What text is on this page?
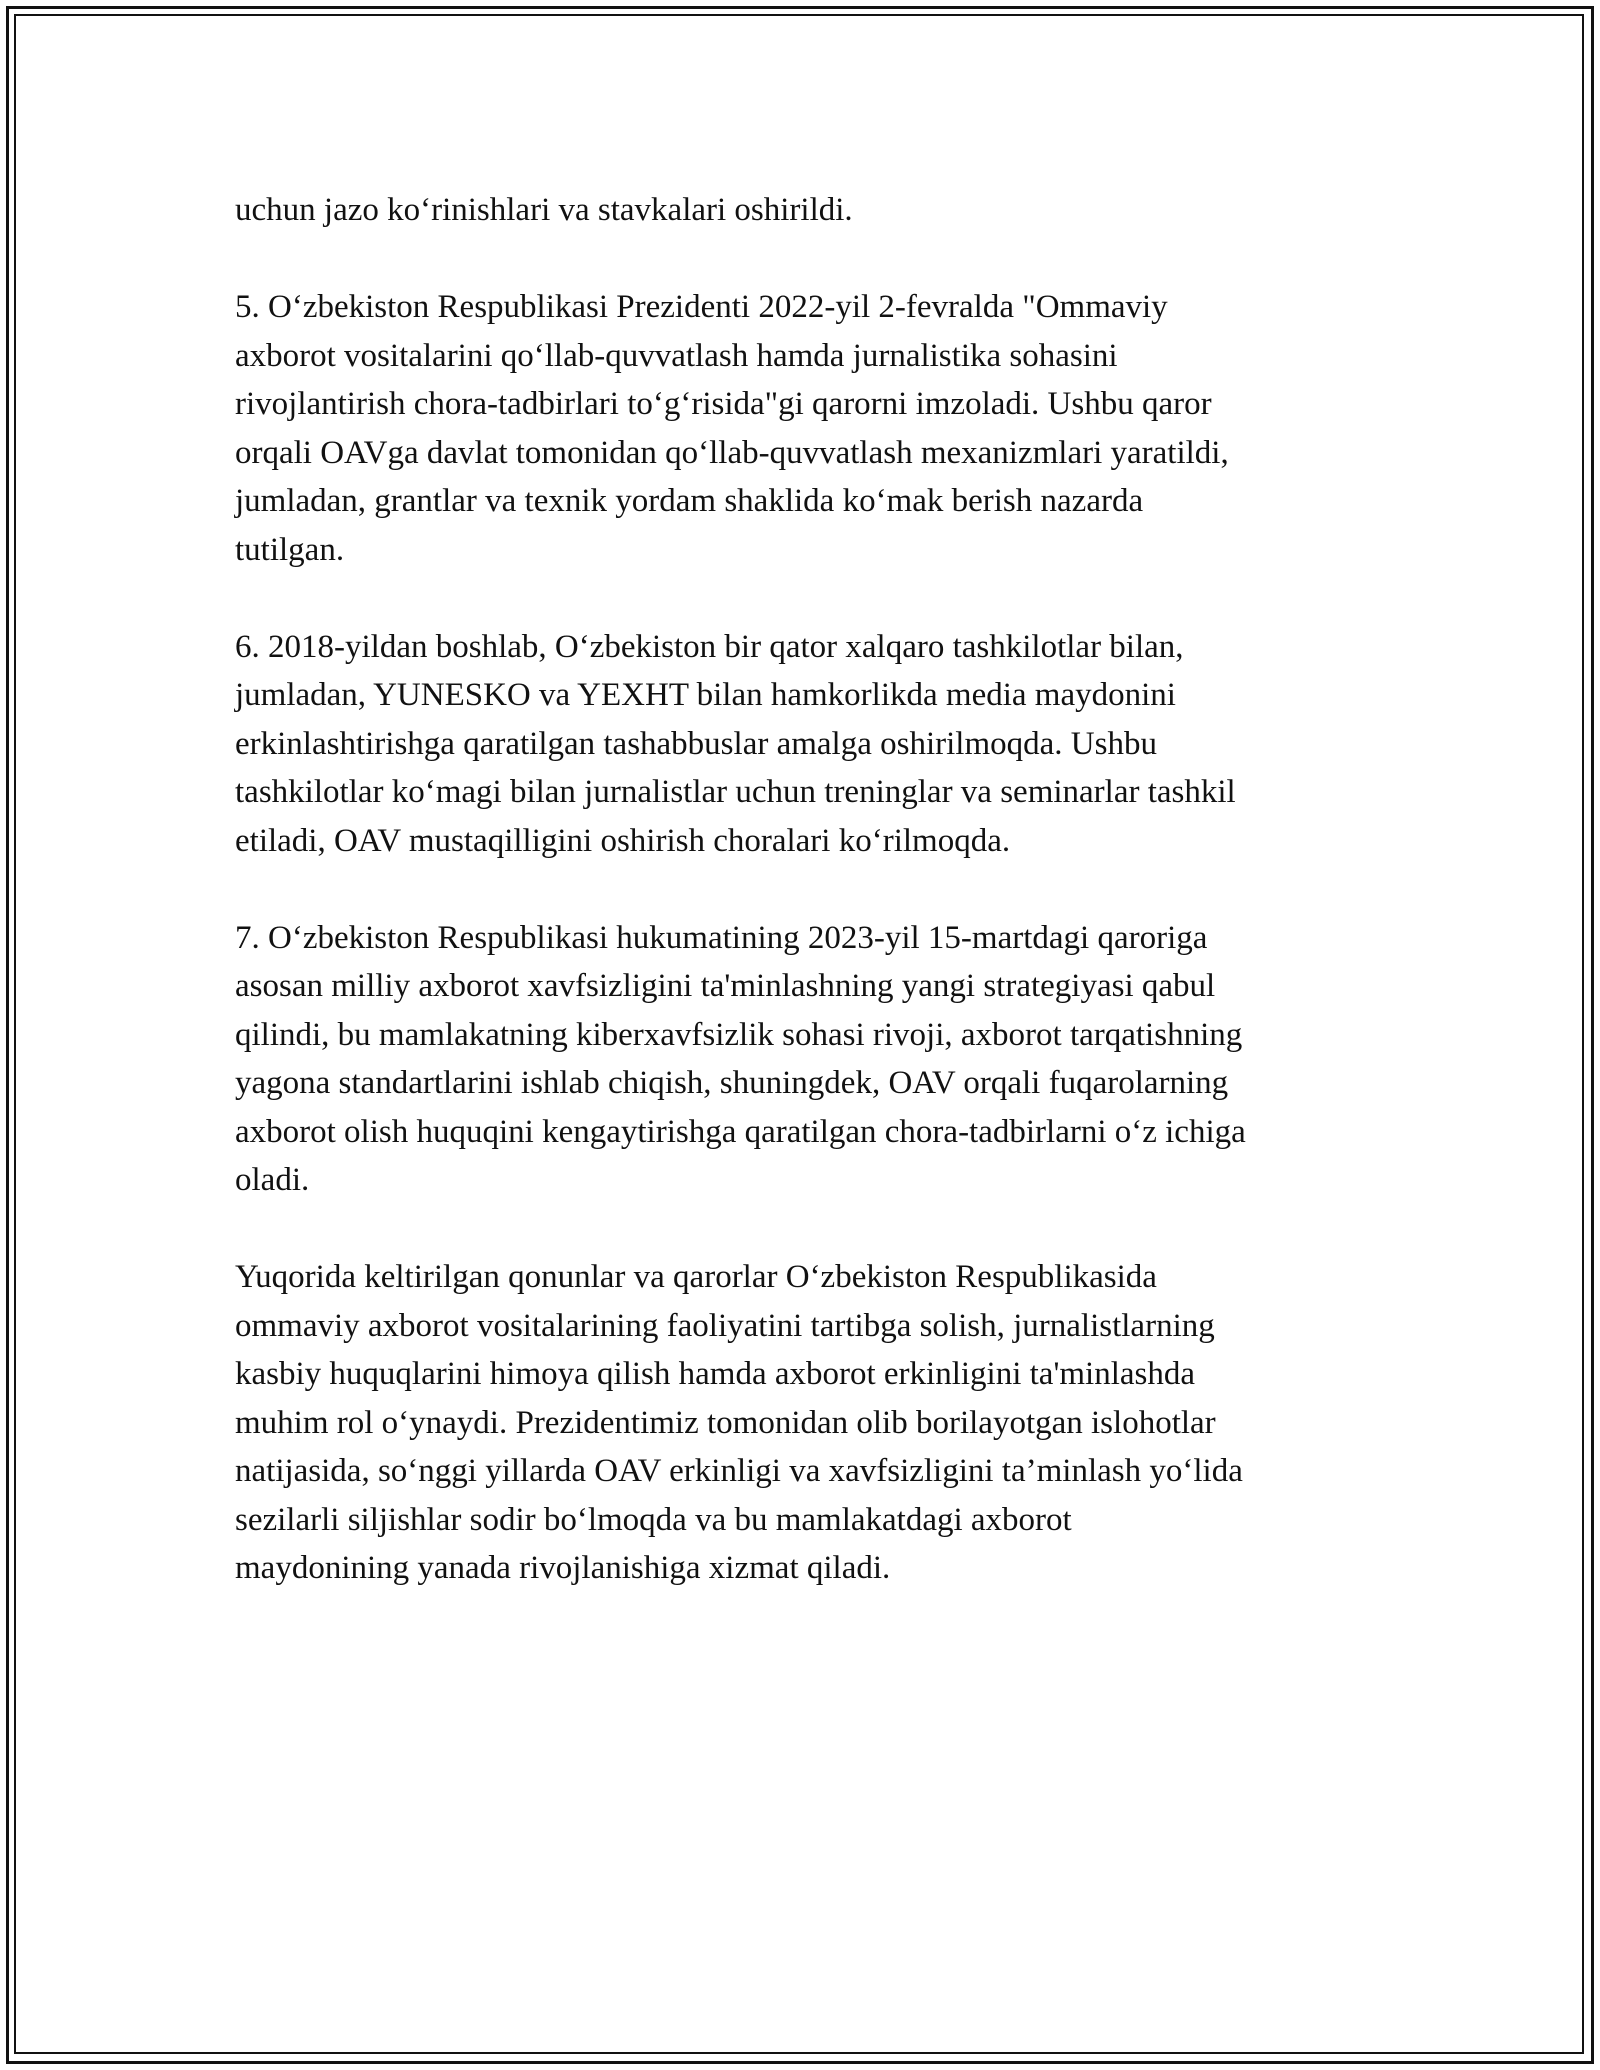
uchun jazo ko‘rinishlari va stavkalari oshirildi.

5. O‘zbekiston Respublikasi Prezidenti 2022-yil 2-fevralda "Ommaviy
axborot vositalarini qo‘llab-quvvatlash hamda jurnalistika sohasini
rivojlantirish chora-tadbirlari to‘g‘risida"gi qarorni imzoladi. Ushbu qaror
orqali OAVga davlat tomonidan qo‘llab-quvvatlash mexanizmlari yaratildi,
jumladan, grantlar va texnik yordam shaklida ko‘mak berish nazarda
tutilgan.

6. 2018-yildan boshlab, O‘zbekiston bir qator xalqaro tashkilotlar bilan,
jumladan, YUNESKO va YEXHT bilan hamkorlikda media maydonini
erkinlashtirishga qaratilgan tashabbuslar amalga oshirilmoqda. Ushbu
tashkilotlar ko‘magi bilan jurnalistlar uchun treninglar va seminarlar tashkil
etiladi, OAV mustaqilligini oshirish choralari ko‘rilmoqda.

7. O‘zbekiston Respublikasi hukumatining 2023-yil 15-martdagi qaroriga
asosan milliy axborot xavfsizligini ta'minlashning yangi strategiyasi qabul
qilindi, bu mamlakatning kiberxavfsizlik sohasi rivoji, axborot tarqatishning
yagona standartlarini ishlab chiqish, shuningdek, OAV orqali fuqarolarning
axborot olish huquqini kengaytirishga qaratilgan chora-tadbirlarni o‘z ichiga
oladi.

Yuqorida keltirilgan qonunlar va qarorlar O‘zbekiston Respublikasida
ommaviy axborot vositalarining faoliyatini tartibga solish, jurnalistlarning
kasbiy huquqlarini himoya qilish hamda axborot erkinligini ta'minlashda
muhim rol o‘ynaydi. Prezidentimiz tomonidan olib borilayotgan islohotlar
natijasida, so‘nggi yillarda OAV erkinligi va xavfsizligini ta’minlash yo‘lida
sezilarli siljishlar sodir bo‘lmoqda va bu mamlakatdagi axborot
maydonining yanada rivojlanishiga xizmat qiladi.
